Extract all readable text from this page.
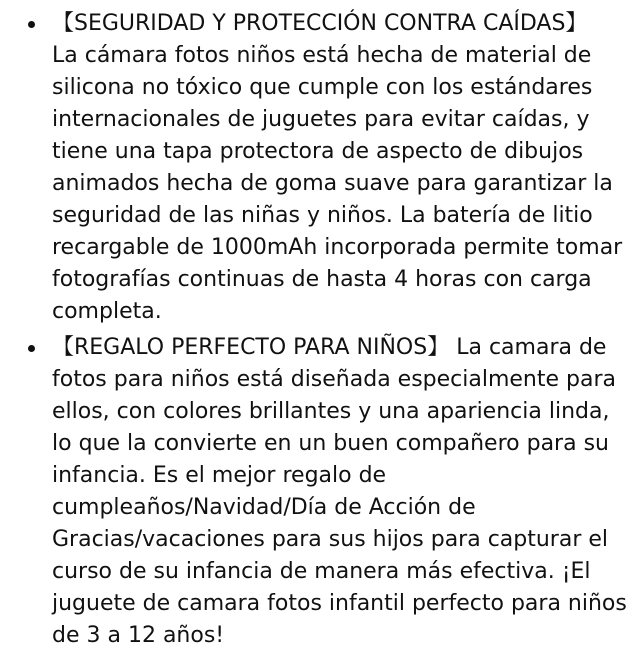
【SEGURIDAD Y PROTECCIÓN CONTRA CAÍDAS】
La cámara fotos niños está hecha de material de silicona no tóxico que cumple con los estándares internacionales de juguetes para evitar caídas, y tiene una tapa protectora de aspecto de dibujos animados hecha de goma suave para garantizar la seguridad de las niñas y niños. La batería de litio recargable de 1000mAh incorporada permite tomar fotografías continuas de hasta 4 horas con carga completa.
【REGALO PERFECTO PARA NIÑOS】 La camara de fotos para niños está diseñada especialmente para ellos, con colores brillantes y una apariencia linda, lo que la convierte en un buen compañero para su infancia. Es el mejor regalo de cumpleaños/Navidad/Día de Acción de Gracias/vacaciones para sus hijos para capturar el curso de su infancia de manera más efectiva. ¡El juguete de camara fotos infantil perfecto para niños de 3 a 12 años!
